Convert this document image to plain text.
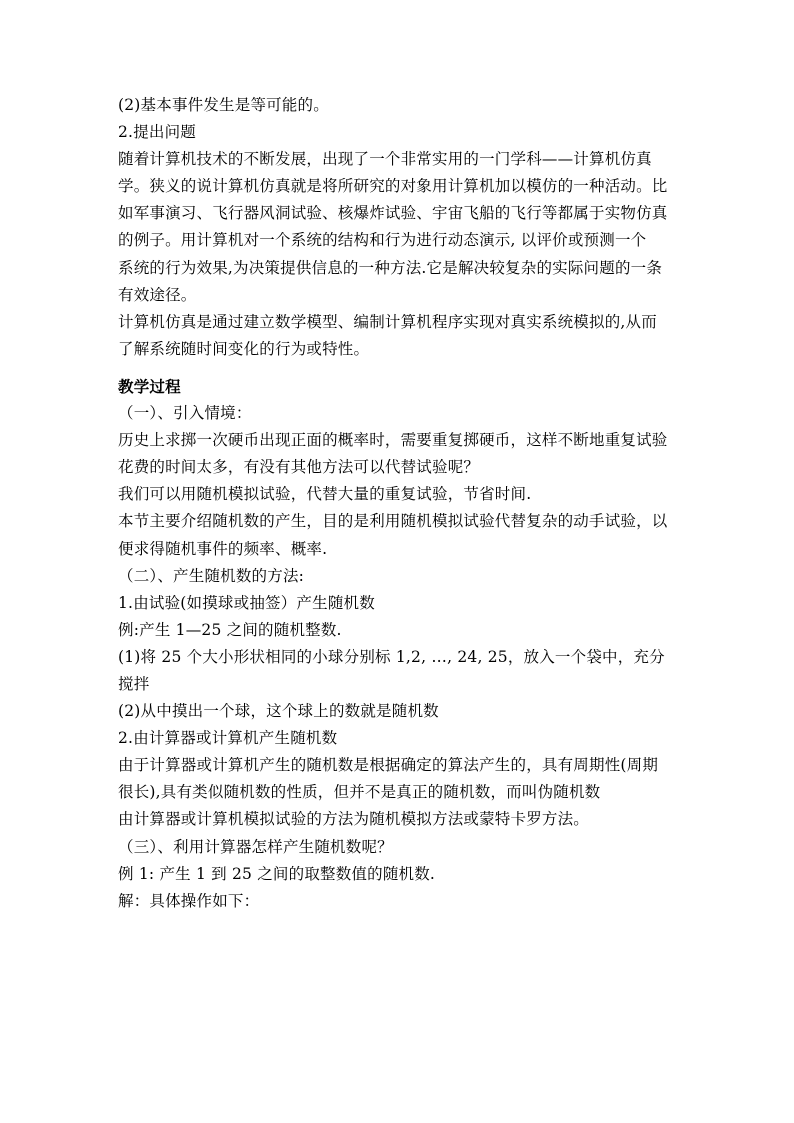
(2)基本事件发生是等可能的。
2.提出问题
随着计算机技术的不断发展，出现了一个非常实用的一门学科——计算机仿真
学。狭义的说计算机仿真就是将所研究的对象用计算机加以模仿的一种活动。比
如军事演习、飞行器风洞试验、核爆炸试验、宇宙飞船的飞行等都属于实物仿真
的例子。用计算机对一个系统的结构和行为进行动态演示, 以评价或预测一个
系统的行为效果,为决策提供信息的一种方法.它是解决较复杂的实际问题的一条
有效途径。
计算机仿真是通过建立数学模型、编制计算机程序实现对真实系统模拟的,从而
了解系统随时间变化的行为或特性。
教学过程
（一）、引入情境：
历史上求掷一次硬币出现正面的概率时，需要重复掷硬币，这样不断地重复试验
花费的时间太多，有没有其他方法可以代替试验呢？
我们可以用随机模拟试验，代替大量的重复试验，节省时间.
本节主要介绍随机数的产生，目的是利用随机模拟试验代替复杂的动手试验，以
便求得随机事件的频率、概率.
（二）、产生随机数的方法:
1.由试验(如摸球或抽签）产生随机数
例:产生 1—25 之间的随机整数.
(1)将 25 个大小形状相同的小球分别标 1,2, …, 24, 25，放入一个袋中，充分
搅拌
(2)从中摸出一个球，这个球上的数就是随机数
2.由计算器或计算机产生随机数
由于计算器或计算机产生的随机数是根据确定的算法产生的，具有周期性(周期
很长),具有类似随机数的性质，但并不是真正的随机数，而叫伪随机数
由计算器或计算机模拟试验的方法为随机模拟方法或蒙特卡罗方法。
（三）、利用计算器怎样产生随机数呢？
例 1: 产生 1 到 25 之间的取整数值的随机数.
解：具体操作如下：
